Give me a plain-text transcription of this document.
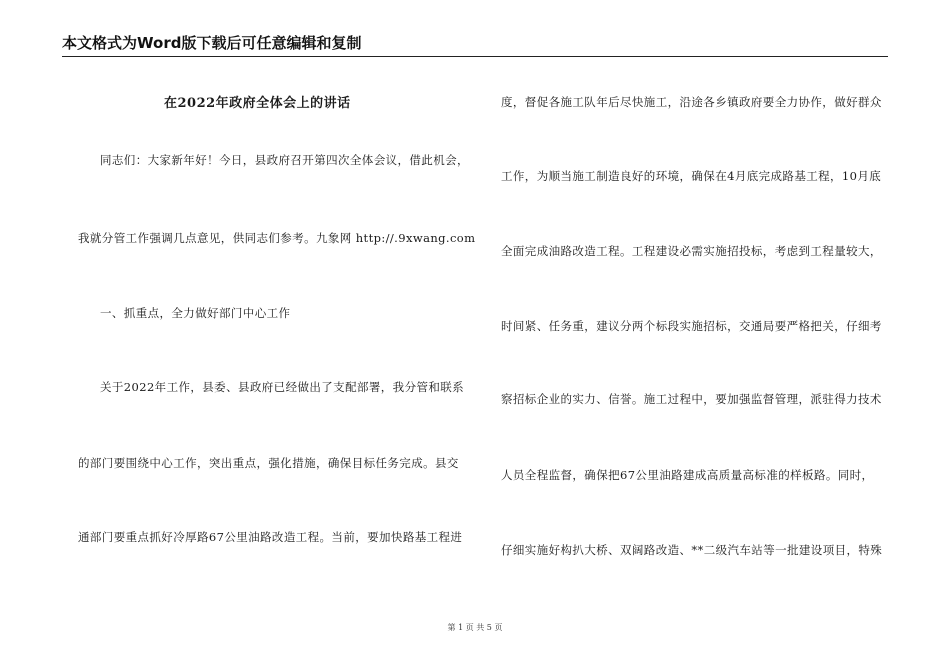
本文格式为Word版下载后可任意编辑和复制
在2022年政府全体会上的讲话
同志们：大家新年好！今日，县政府召开第四次全体会议，借此机会，
我就分管工作强调几点意见，供同志们参考。九象网 http://.9xwang.com
一、抓重点，全力做好部门中心工作
关于2022年工作，县委、县政府已经做出了支配部署，我分管和联系
的部门要围绕中心工作，突出重点，强化措施，确保目标任务完成。县交
通部门要重点抓好冷厚路67公里油路改造工程。当前，要加快路基工程进
度，督促各施工队年后尽快施工，沿途各乡镇政府要全力协作，做好群众
工作，为顺当施工制造良好的环境，确保在4月底完成路基工程，10月底
全面完成油路改造工程。工程建设必需实施招投标，考虑到工程量较大，
时间紧、任务重，建议分两个标段实施招标，交通局要严格把关，仔细考
察招标企业的实力、信誉。施工过程中，要加强监督管理，派驻得力技术
人员全程监督，确保把67公里油路建成高质量高标准的样板路。同时，
仔细实施好构扒大桥、双阔路改造、**二级汽车站等一批建设项目，特殊
第 1 页 共 5 页
